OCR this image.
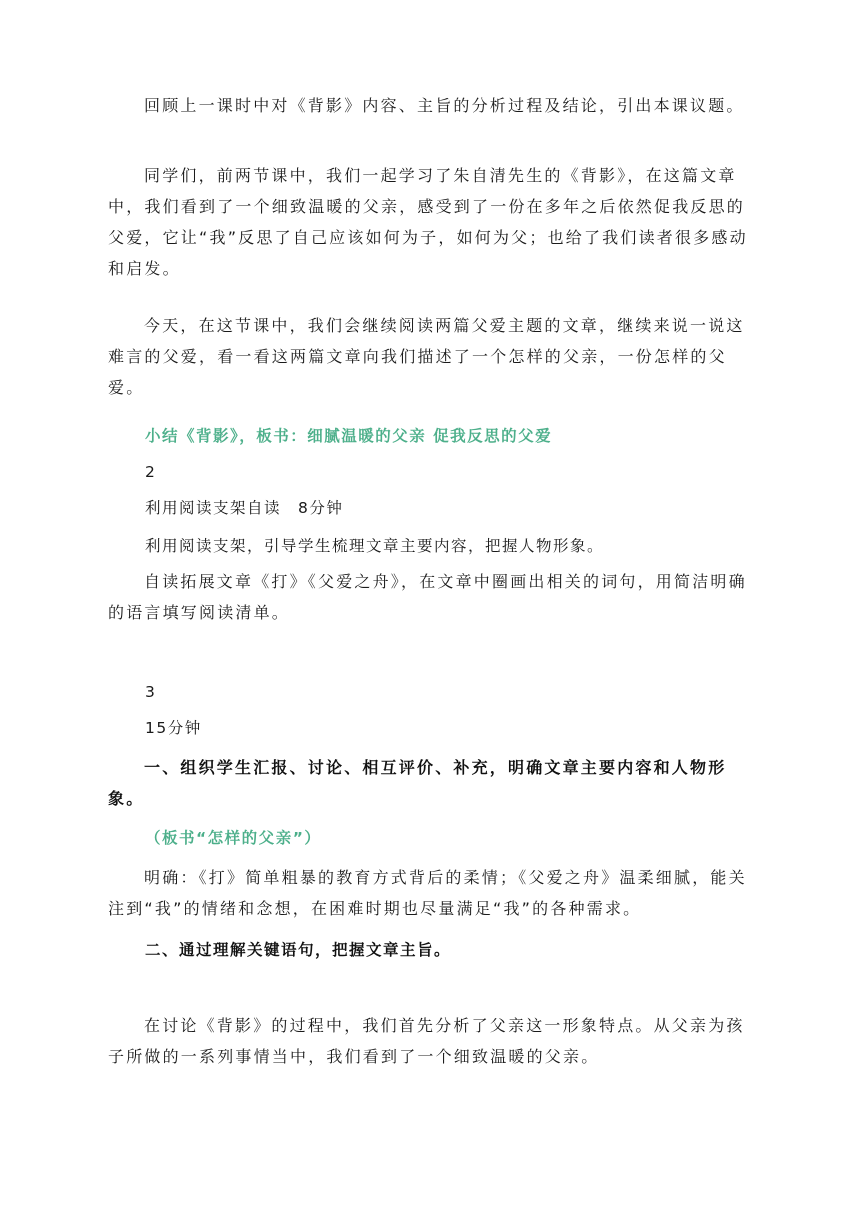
回顾上一课时中对《背影》内容、主旨的分析过程及结论，引出本课议题。

同学们，前两节课中，我们一起学习了朱自清先生的《背影》，在这篇文章中，我们看到了一个细致温暖的父亲，感受到了一份在多年之后依然促我反思的父爱，它让“我”反思了自己应该如何为子，如何为父；也给了我们读者很多感动和启发。

今天，在这节课中，我们会继续阅读两篇父爱主题的文章，继续来说一说这难言的父爱，看一看这两篇文章向我们描述了一个怎样的父亲，一份怎样的父爱。

小结《背影》，板书：细腻温暖的父亲 促我反思的父爱

2

利用阅读支架自读　8分钟

利用阅读支架，引导学生梳理文章主要内容，把握人物形象。

自读拓展文章《打》《父爱之舟》，在文章中圈画出相关的词句，用简洁明确的语言填写阅读清单。

3

15分钟

一、组织学生汇报、讨论、相互评价、补充，明确文章主要内容和人物形象。

（板书“怎样的父亲”）

明确：《打》简单粗暴的教育方式背后的柔情；《父爱之舟》温柔细腻，能关注到“我”的情绪和念想，在困难时期也尽量满足“我”的各种需求。

二、通过理解关键语句，把握文章主旨。

在讨论《背影》的过程中，我们首先分析了父亲这一形象特点。从父亲为孩子所做的一系列事情当中，我们看到了一个细致温暖的父亲。
